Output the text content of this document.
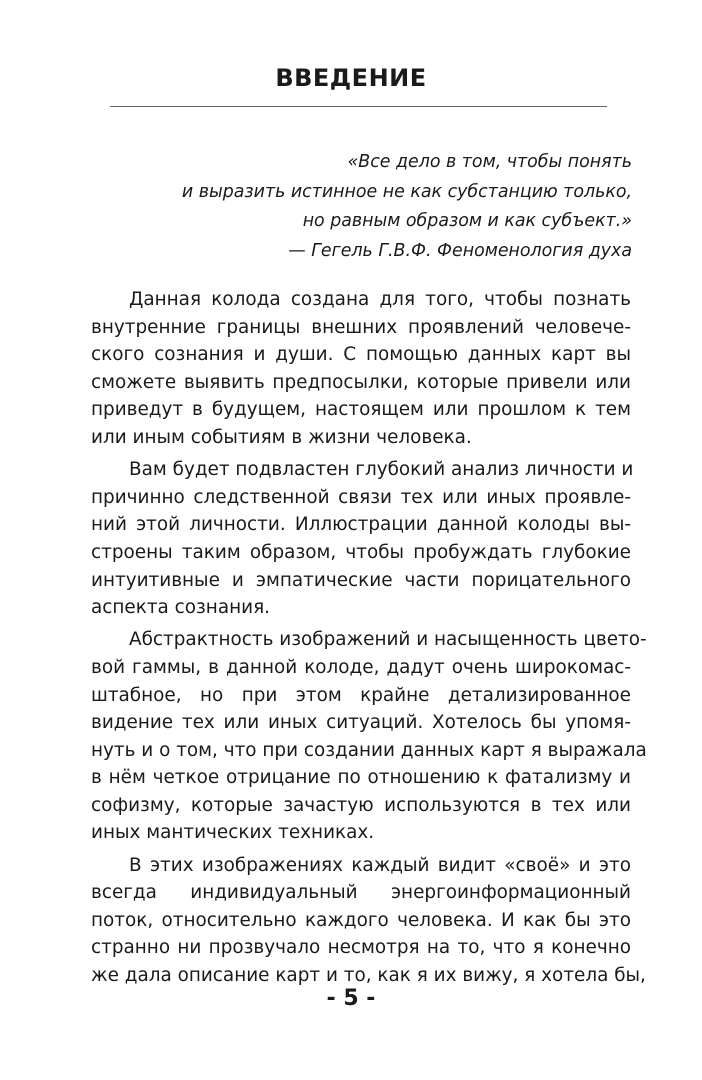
ВВЕДЕНИЕ
«Все дело в том, чтобы понять
и выразить истинное не как субстанцию только,
но равным образом и как субъект.»
— Гегель Г.В.Ф. Феноменология духа
Данная колода создана для того, чтобы познать
внутренние границы внешних проявлений человече-
ского сознания и души. С помощью данных карт вы
сможете выявить предпосылки, которые привели или
приведут в будущем, настоящем или прошлом к тем
или иным событиям в жизни человека.
Вам будет подвластен глубокий анализ личности и
причинно следственной связи тех или иных проявле-
ний этой личности. Иллюстрации данной колоды вы-
строены таким образом, чтобы пробуждать глубокие
интуитивные и эмпатические части порицательного
аспекта сознания.
Абстрактность изображений и насыщенность цвето-
вой гаммы, в данной колоде, дадут очень широкомас-
штабное, но при этом крайне детализированное
видение тех или иных ситуаций. Хотелось бы упомя-
нуть и о том, что при создании данных карт я выражала
в нём четкое отрицание по отношению к фатализму и
софизму, которые зачастую используются в тех или
иных мантических техниках.
В этих изображениях каждый видит «своё» и это
всегда индивидуальный энергоинформационный
поток, относительно каждого человека. И как бы это
странно ни прозвучало несмотря на то, что я конечно
же дала описание карт и то, как я их вижу, я хотела бы,
- 5 -
